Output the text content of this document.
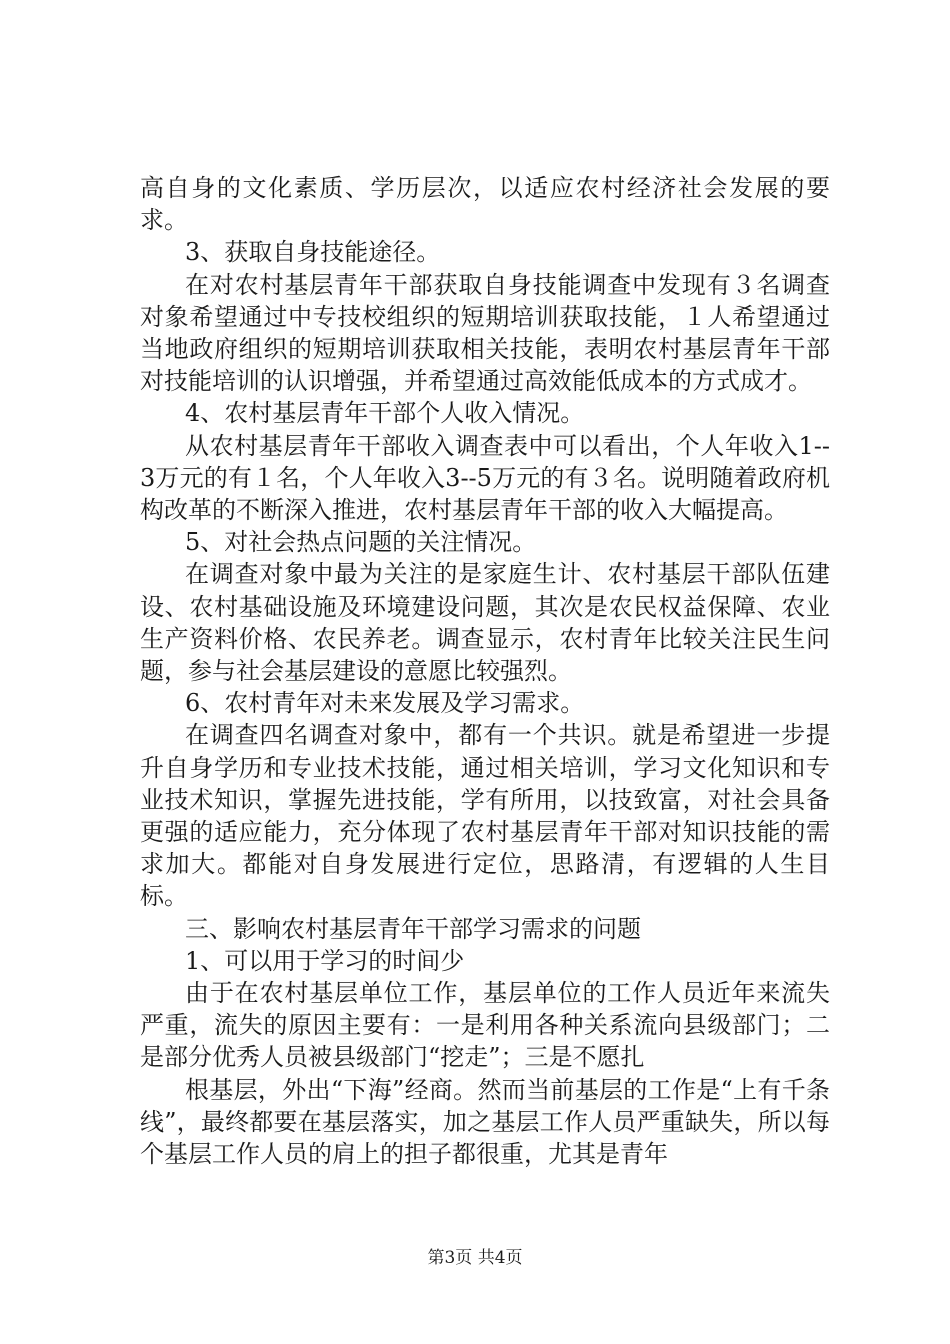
高自身的文化素质、学历层次，以适应农村经济社会发展的要求。

3、获取自身技能途径。

在对农村基层青年干部获取自身技能调查中发现有３名调查对象希望通过中专技校组织的短期培训获取技能，１人希望通过当地政府组织的短期培训获取相关技能，表明农村基层青年干部对技能培训的认识增强，并希望通过高效能低成本的方式成才。

4、农村基层青年干部个人收入情况。

从农村基层青年干部收入调查表中可以看出，个人年收入1--3万元的有１名，个人年收入3--5万元的有３名。说明随着政府机构改革的不断深入推进，农村基层青年干部的收入大幅提高。

5、对社会热点问题的关注情况。

在调查对象中最为关注的是家庭生计、农村基层干部队伍建设、农村基础设施及环境建设问题，其次是农民权益保障、农业生产资料价格、农民养老。调查显示，农村青年比较关注民生问题，参与社会基层建设的意愿比较强烈。

6、农村青年对未来发展及学习需求。

在调查四名调查对象中，都有一个共识。就是希望进一步提升自身学历和专业技术技能，通过相关培训，学习文化知识和专业技术知识，掌握先进技能，学有所用，以技致富，对社会具备更强的适应能力，充分体现了农村基层青年干部对知识技能的需求加大。都能对自身发展进行定位，思路清，有逻辑的人生目标。

三、影响农村基层青年干部学习需求的问题

1、可以用于学习的时间少

由于在农村基层单位工作，基层单位的工作人员近年来流失严重，流失的原因主要有：一是利用各种关系流向县级部门；二是部分优秀人员被县级部门“挖走”；三是不愿扎

根基层，外出“下海”经商。然而当前基层的工作是“上有千条线”，最终都要在基层落实，加之基层工作人员严重缺失，所以每个基层工作人员的肩上的担子都很重，尤其是青年

第3页 共4页
